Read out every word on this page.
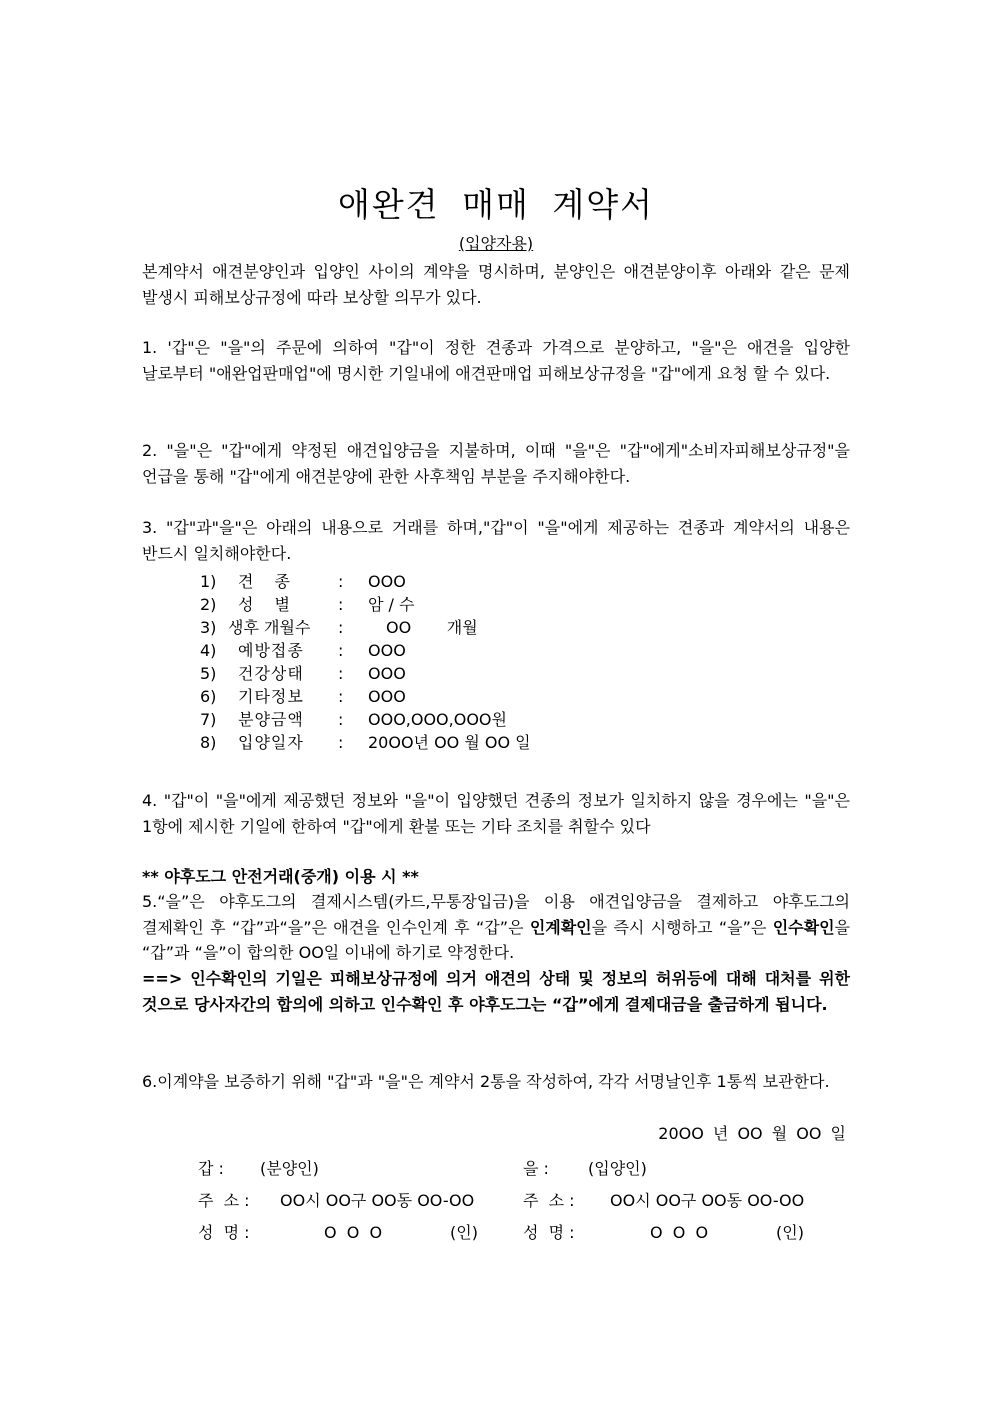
애완견 매매 계약서
(입양자용)
본계약서 애견분양인과 입양인 사이의 계약을 명시하며, 분양인은 애견분양이후 아래와 같은 문제 발생시 피해보상규정에 따라 보상할 의무가 있다.
1. '갑"은 "을"의 주문에 의하여 "갑"이 정한 견종과 가격으로 분양하고, "을"은 애견을 입양한 날로부터 "애완업판매업"에 명시한 기일내에 애견판매업 피해보상규정을 "갑"에게 요청 할 수 있다.
2. "을"은 "갑"에게 약정된 애견입양금을 지불하며, 이때 "을"은 "갑"에게"소비자피해보상규정"을 언급을 통해 "갑"에게 애견분양에 관한 사후책임 부분을 주지해야한다.
3. "갑"과"을"은 아래의 내용으로 거래를 하며,"갑"이 "을"에게 제공하는 견종과 계약서의 내용은 반드시 일치해야한다.
1) 견종 : OOO
2) 성별 : 암 / 수
3) 생후 개월수 :	OO       개월
4) 예방접종 : OOO
5) 건강상태 : OOO
6) 기타정보 : OOO
7) 분양금액 : OOO,OOO,OOO원
8) 입양일자 : 20OO년 OO 월 OO 일
4. "갑"이 "을"에게 제공했던 정보와 "을"이 입양했던 견종의 정보가 일치하지 않을 경우에는 "을"은 1항에 제시한 기일에 한하여 "갑"에게 환불 또는 기타 조치를 취할수 있다
** 야후도그 안전거래(중개) 이용 시 **
5.“을”은 야후도그의 결제시스템(카드,무통장입금)을 이용 애견입양금을 결제하고 야후도그의 결제확인 후 “갑”과“을”은 애견을 인수인계 후 “갑”은 인계확인을 즉시 시행하고 “을”은 인수확인을 “갑”과 “을”이 합의한 OO일 이내에 하기로 약정한다.
==> 인수확인의 기일은 피해보상규정에 의거 애견의 상태 및 정보의 허위등에 대해 대처를 위한 것으로 당사자간의 합의에 의하고 인수확인 후 야후도그는 “갑”에게 결제대금을 출금하게 됩니다.
6.이계약을 보증하기 위해 "갑"과 "을"은 계약서 2통을 작성하여, 각각 서명날인후 1통씩 보관한다.
20OO 년 OO 월 OO 일
갑 : (분양인)	을 : (입양인)
주  소 : OO시 OO구 OO동 OO-OO	주  소 : OO시 OO구 OO동 OO-OO
성  명 :	O  O  O	(인)	성  명 :	O  O  O	(인)
